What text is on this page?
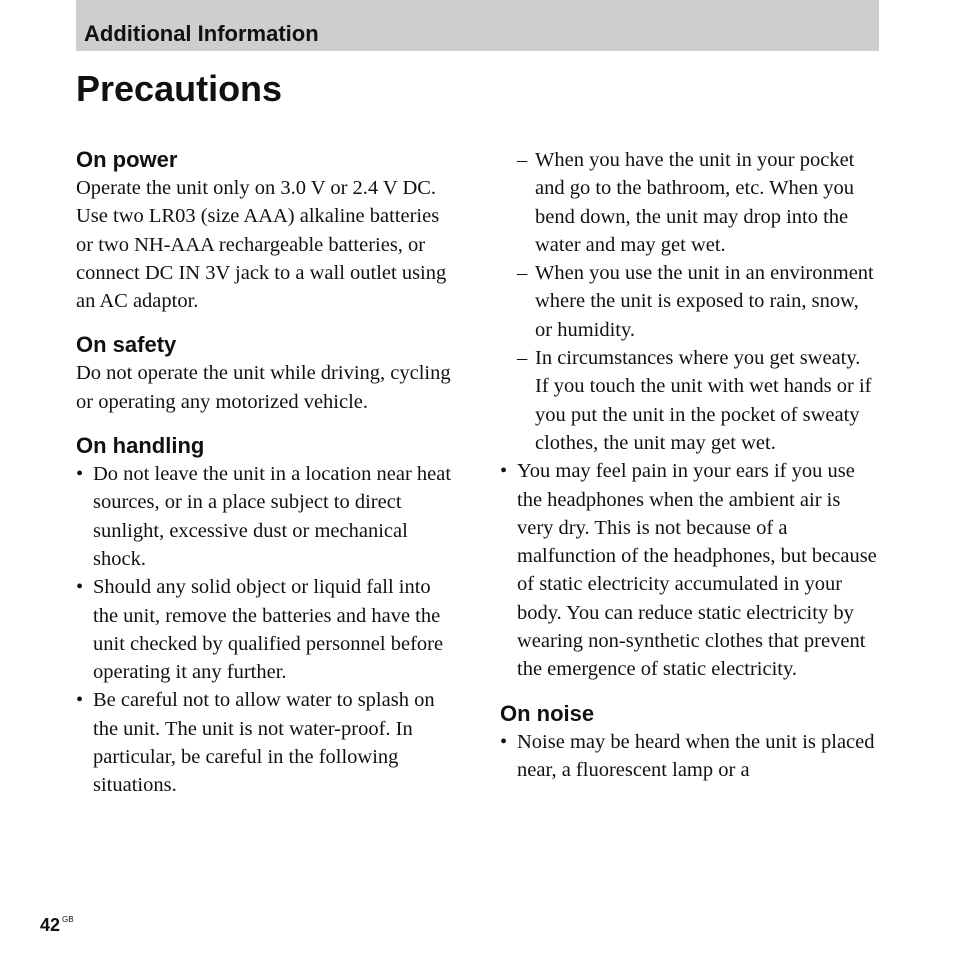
Additional Information
Precautions
On power

Operate the unit only on 3.0 V or 2.4 V DC. Use two LR03 (size AAA) alkaline batteries or two NH-AAA rechargeable batteries, or connect DC IN 3V jack to a wall outlet using an AC adaptor.

On safety

Do not operate the unit while driving, cycling or operating any motorized vehicle.

On handling
• Do not leave the unit in a location near heat sources, or in a place subject to direct sunlight, excessive dust or mechanical shock.
• Should any solid object or liquid fall into the unit, remove the batteries and have the unit checked by qualified personnel before operating it any further.
• Be careful not to allow water to splash on the unit. The unit is not water-proof. In particular, be careful in the following situations.
– When you have the unit in your pocket and go to the bathroom, etc. When you bend down, the unit may drop into the water and may get wet.
– When you use the unit in an environment where the unit is exposed to rain, snow, or humidity.
– In circumstances where you get sweaty. If you touch the unit with wet hands or if you put the unit in the pocket of sweaty clothes, the unit may get wet.
• You may feel pain in your ears if you use the headphones when the ambient air is very dry. This is not because of a malfunction of the headphones, but because of static electricity accumulated in your body. You can reduce static electricity by wearing non-synthetic clothes that prevent the emergence of static electricity.
On noise
• Noise may be heard when the unit is placed near, a fluorescent lamp or a
42 $^{GB}$
